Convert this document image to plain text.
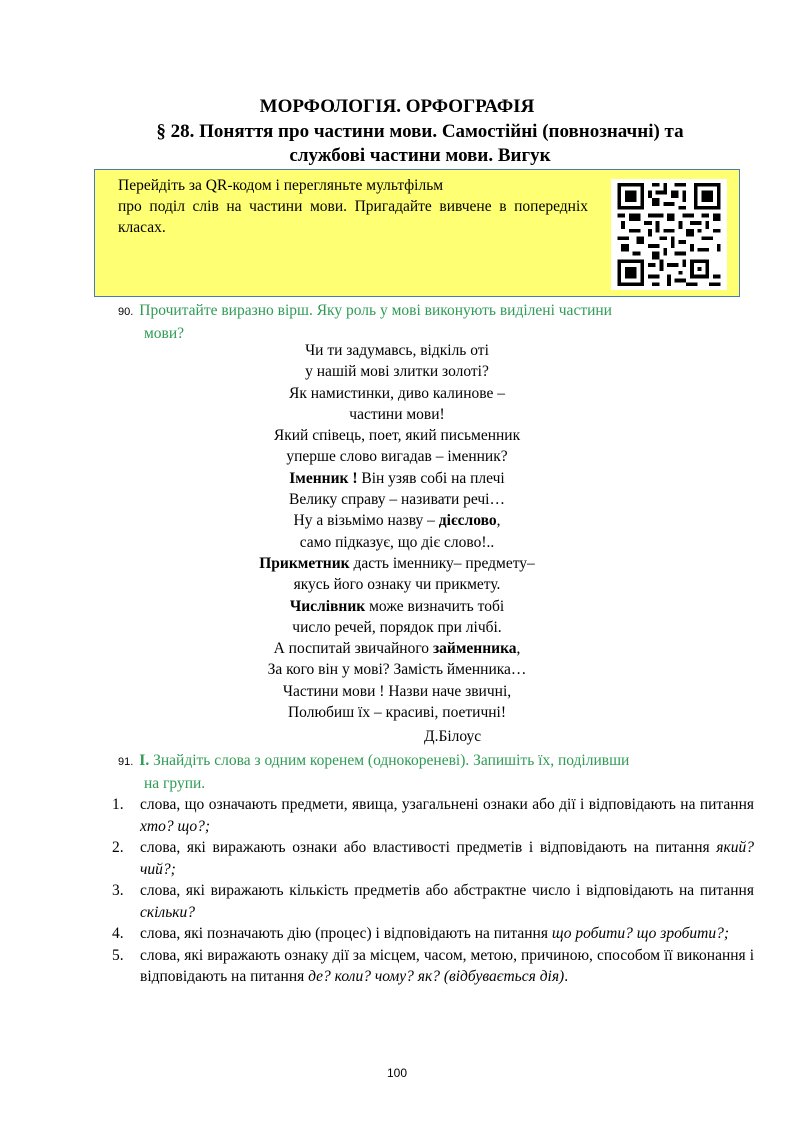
МОРФОЛОГІЯ. ОРФОГРАФІЯ
§ 28. Поняття про частини мови. Самостійні (повнозначні) та
службові частини мови. Вигук
Перейдіть за QR-кодом і перегляньте мультфільм
про поділ слів на частини мови. Пригадайте вивчене в попередніх класах.
90. Прочитайте виразно вірш. Яку роль у мові виконують виділені частини
мови?
Чи ти задумавсь, відкіль оті
у нашій мові злитки золоті?
Як намистинки, диво калинове –
частини мови!
Який співець, поет, який письменник
уперше слово вигадав – іменник?
Іменник ! Він узяв собі на плечі
Велику справу – називати речі…
Ну а візьмімо назву – дієслово,
само підказує, що діє слово!..
Прикметник дасть іменнику– предмету–
якусь його ознаку чи прикмету.
Числівник може визначить тобі
число речей, порядок при лічбі.
А поспитай звичайного займенника,
За кого він у мові? Замість йменника…
Частини мови ! Назви наче звичні,
Полюбиш їх – красиві, поетичні!
Д.Білоус
91. І. Знайдіть слова з одним коренем (однокореневі). Запишіть їх, поділивши
на групи.
1.	слова, що означають предмети, явища, узагальнені ознаки або дії і відповідають на питання хто? що?;
2.	слова, які виражають ознаки або властивості предметів і відповідають на питання який? чий?;
3.	слова, які виражають кількість предметів або абстрактне число і відповідають на питання скільки?
4.	слова, які позначають дію (процес) і відповідають на питання що робити? що зробити?;
5.	слова, які виражають ознаку дії за місцем, часом, метою, причиною, способом її виконання і відповідають на питання де? коли? чому? як? (відбувається дія).
100
